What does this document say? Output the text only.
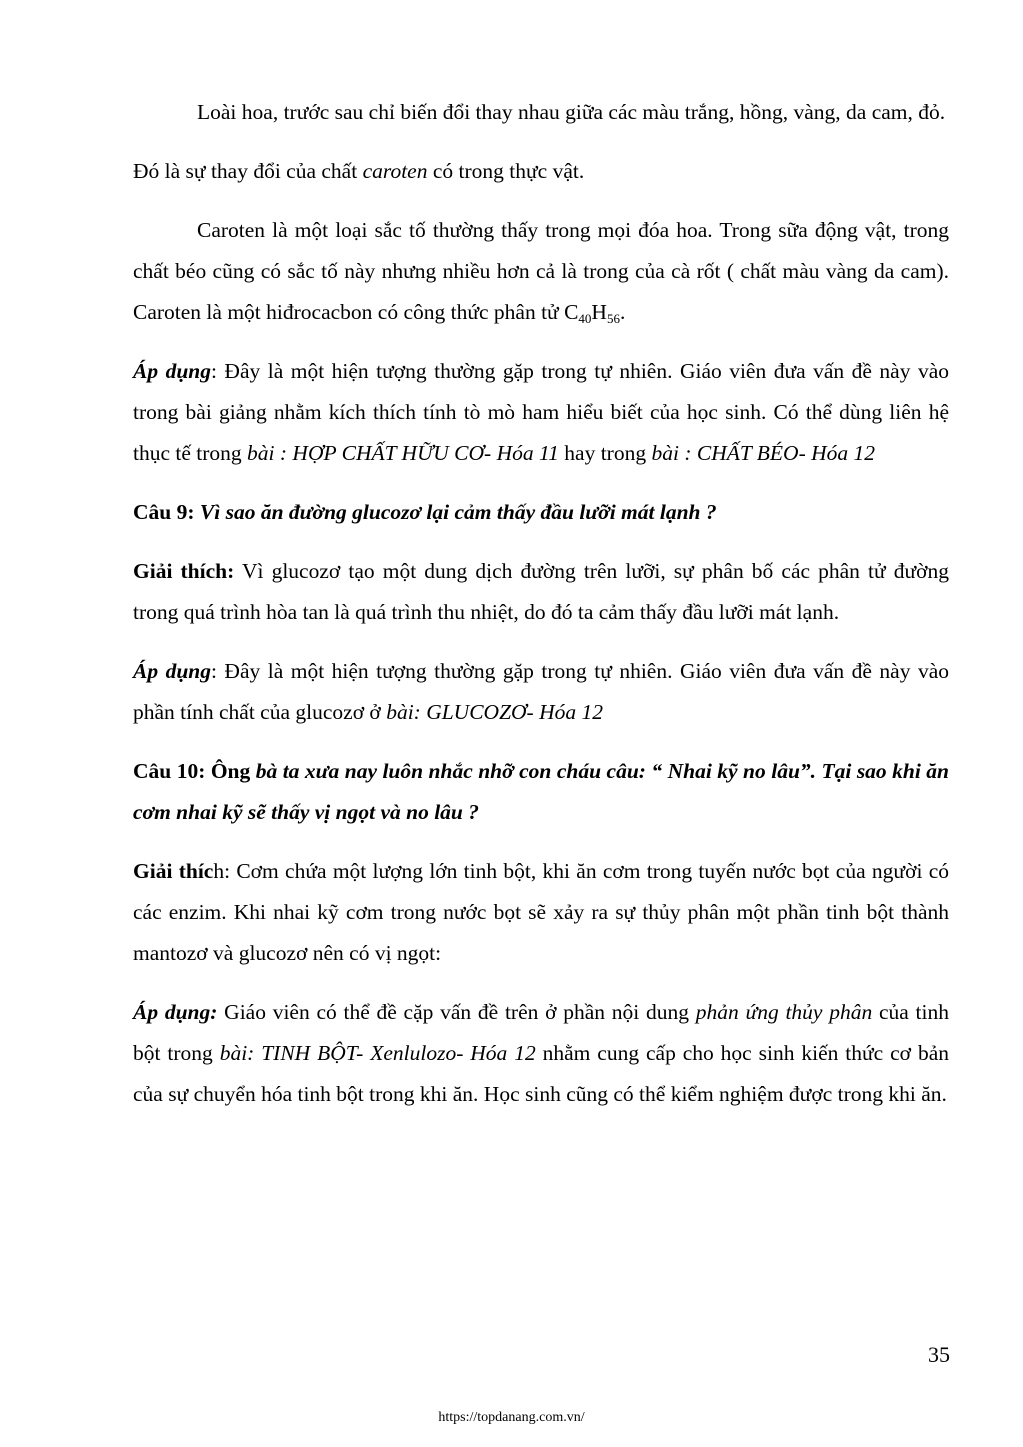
Loài hoa, trước sau chỉ biến đổi thay nhau giữa các màu trắng, hồng, vàng, da cam, đỏ.

Đó là sự thay đổi của chất caroten có trong thực vật.

Caroten là một loại sắc tố thường thấy trong mọi đóa hoa. Trong sữa động vật, trong chất béo cũng có sắc tố này nhưng nhiều hơn cả là trong của cà rốt ( chất màu vàng da cam). Caroten là một hiđrocacbon có công thức phân tử $C_{40}H_{56}$.

Áp dụng: Đây là một hiện tượng thường gặp trong tự nhiên. Giáo viên đưa vấn đề này vào trong bài giảng nhằm kích thích tính tò mò ham hiểu biết của học sinh. Có thể dùng liên hệ thục tế trong bài : HỢP CHẤT HỮU CƠ- Hóa 11 hay trong bài : CHẤT BÉO- Hóa 12

Câu 9: Vì sao ăn đường glucozơ lại cảm thấy đầu lưỡi mát lạnh ?

Giải thích: Vì glucozơ tạo một dung dịch đường trên lưỡi, sự phân bố các phân tử đường trong quá trình hòa tan là quá trình thu nhiệt, do đó ta cảm thấy đầu lưỡi mát lạnh.

Áp dụng: Đây là một hiện tượng thường gặp trong tự nhiên. Giáo viên đưa vấn đề này vào phần tính chất của glucozơ ở bài: GLUCOZƠ- Hóa 12

Câu 10: Ông bà ta xưa nay luôn nhắc nhỡ con cháu câu: “ Nhai kỹ no lâu”. Tại sao khi ăn cơm nhai kỹ sẽ thấy vị ngọt và no lâu ?

Giải thích: Cơm chứa một lượng lớn tinh bột, khi ăn cơm trong tuyến nước bọt của người có các enzim. Khi nhai kỹ cơm trong nước bọt sẽ xảy ra sự thủy phân một phần tinh bột thành mantozơ và glucozơ nên có vị ngọt:

Áp dụng: Giáo viên có thể đề cặp vấn đề trên ở phần nội dung phản ứng thủy phân của tinh bột trong bài: TINH BỘT- Xenlulozo- Hóa 12 nhằm cung cấp cho học sinh kiến thức cơ bản của sự chuyển hóa tinh bột trong khi ăn. Học sinh cũng có thể kiểm nghiệm được trong khi ăn.

35
https://topdanang.com.vn/
